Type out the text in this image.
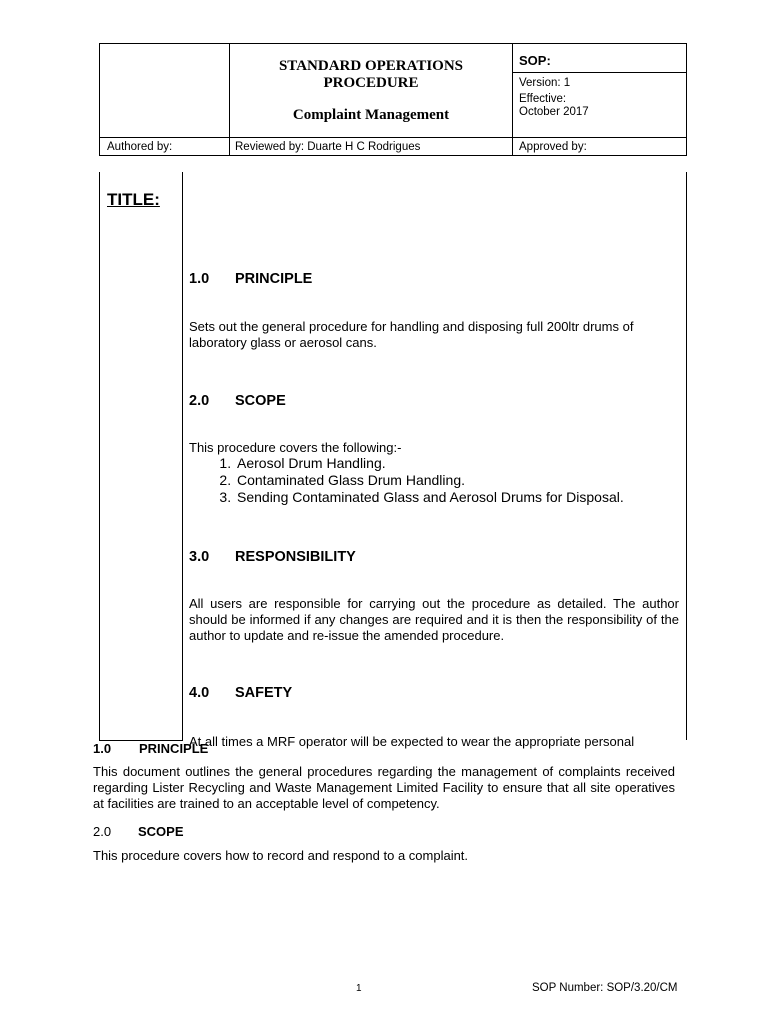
STANDARD OPERATIONS
PROCEDURE
Complaint Management
SOP:
Version: 1
Effective:
October 2017
Authored by:	Reviewed by: Duarte H C Rodrigues	Approved by:
TITLE:
1.0 PRINCIPLE
Sets out the general procedure for handling and disposing full 200ltr drums of laboratory glass or aerosol cans.
2.0 SCOPE
This procedure covers the following:-
1. Aerosol Drum Handling.
2. Contaminated Glass Drum Handling.
3. Sending Contaminated Glass and Aerosol Drums for Disposal.
3.0 RESPONSIBILITY
All users are responsible for carrying out the procedure as detailed. The author should be informed if any changes are required and it is then the responsibility of the author to update and re-issue the amended procedure.
4.0 SAFETY
At all times a MRF operator will be expected to wear the appropriate personal
1.0 PRINCIPLE
This document outlines the general procedures regarding the management of complaints received regarding Lister Recycling and Waste Management Limited Facility to ensure that all site operatives at facilities are trained to an acceptable level of competency.
2.0 SCOPE
This procedure covers how to record and respond to a complaint.
1	SOP Number: SOP/3.20/CM
